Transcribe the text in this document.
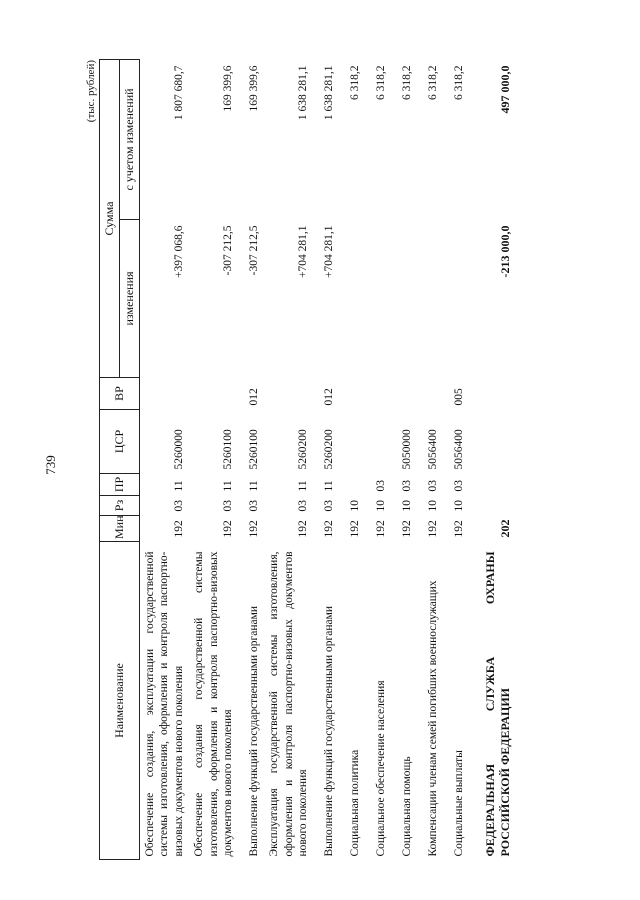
739
(тыс. рублей)
Наименование	Мин	Рз	ПР	ЦСР	ВР	Сумма	
						изменения	с учетом изменений
Обеспечение создания, эксплуатации государственной системы изготовления, оформления и контроля паспортно-визовых документов нового поколения	192	03	11	5260000		+397 068,6	1 807 680,7
Обеспечение создания государственной системы изготовления, оформления и контроля паспортно-визовых документов нового поколения	192	03	11	5260100		-307 212,5	169 399,6
Выполнение функций государственными органами	192	03	11	5260100	012	-307 212,5	169 399,6
Эксплуатация государственной системы изготовления, оформления и контроля паспортно-визовых документов нового поколения	192	03	11	5260200		+704 281,1	1 638 281,1
Выполнение функций государственными органами	192	03	11	5260200	012	+704 281,1	1 638 281,1
Социальная политика	192	10					6 318,2
Социальное обеспечение населения	192	10	03				6 318,2
Социальная помощь	192	10	03	5050000			6 318,2
Компенсации членам семей погибших военнослужащих	192	10	03	5056400			6 318,2
Социальные выплаты	192	10	03	5056400	005		6 318,2

ФЕДЕРАЛЬНАЯ
СЛУЖБА
ОХРАНЫ
РОССИЙСКОЙ ФЕДЕРАЦИИ	202					-213 000,0	497 000,0
